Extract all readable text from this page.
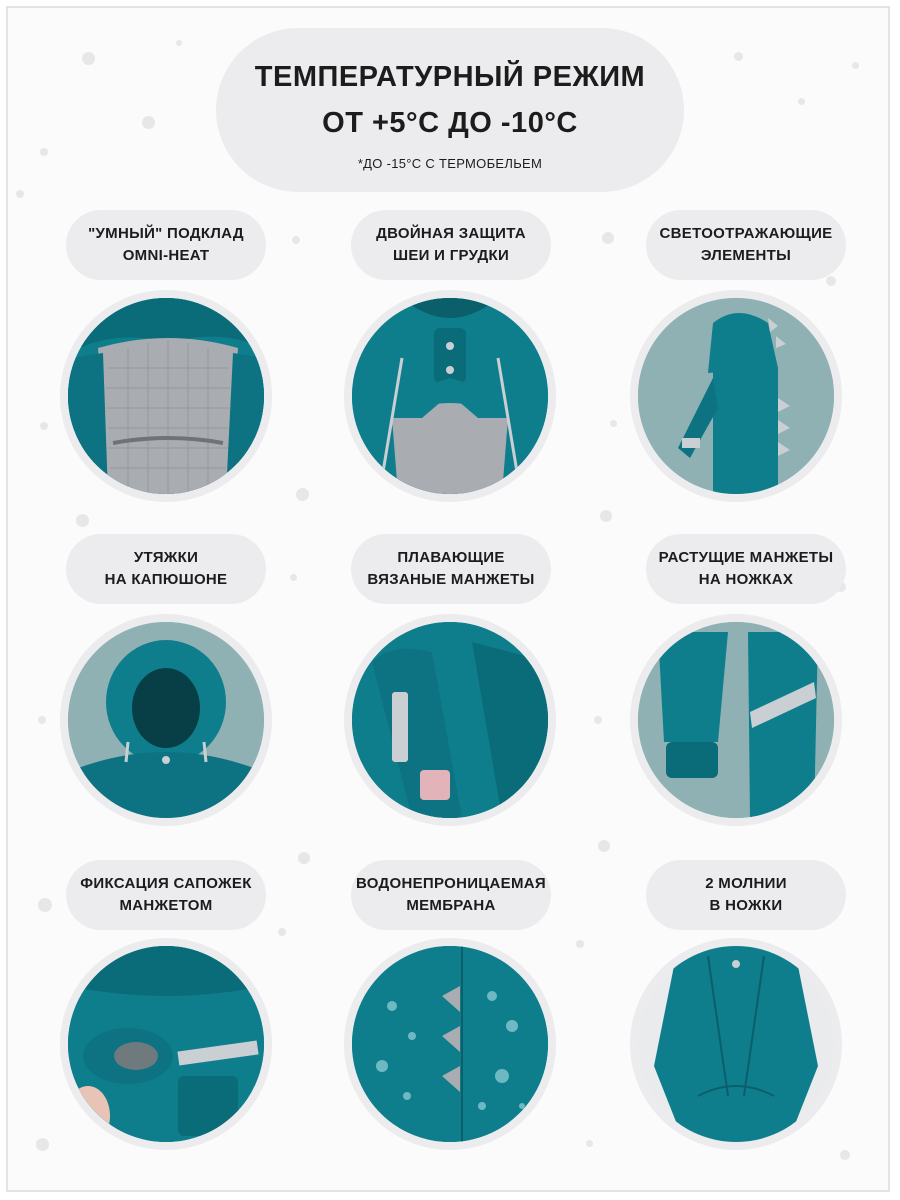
ТЕМПЕРАТУРНЫЙ РЕЖИМ
ОТ +5°С ДО -10°С
*ДО -15°С С ТЕРМОБЕЛЬЕМ
"УМНЫЙ" ПОДКЛАД
OMNI-HEAT
ДВОЙНАЯ ЗАЩИТА
ШЕИ И ГРУДКИ
СВЕТООТРАЖАЮЩИЕ
ЭЛЕМЕНТЫ
УТЯЖКИ
НА КАПЮШОНЕ
ПЛАВАЮЩИЕ
ВЯЗАНЫЕ МАНЖЕТЫ
РАСТУЩИЕ МАНЖЕТЫ
НА НОЖКАХ
ФИКСАЦИЯ САПОЖЕК
МАНЖЕТОМ
ВОДОНЕПРОНИЦАЕМАЯ
МЕМБРАНА
2 МОЛНИИ
В НОЖКИ
